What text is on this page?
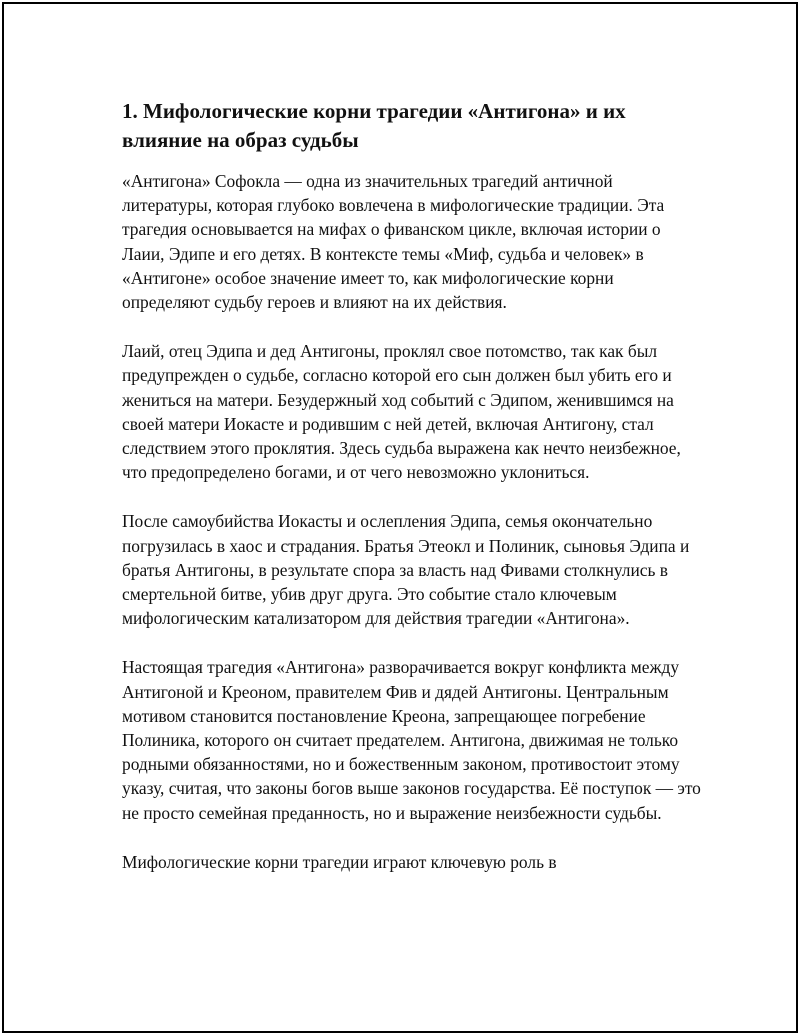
1. Мифологические корни трагедии «Антигона» и их влияние на образ судьбы

«Антигона» Софокла — одна из значительных трагедий античной литературы, которая глубоко вовлечена в мифологические традиции. Эта трагедия основывается на мифах о фиванском цикле, включая истории о Лаии, Эдипе и его детях. В контексте темы «Миф, судьба и человек» в «Антигоне» особое значение имеет то, как мифологические корни определяют судьбу героев и влияют на их действия.

Лаий, отец Эдипа и дед Антигоны, проклял свое потомство, так как был предупрежден о судьбе, согласно которой его сын должен был убить его и жениться на матери. Безудержный ход событий с Эдипом, женившимся на своей матери Иокасте и родившим с ней детей, включая Антигону, стал следствием этого проклятия. Здесь судьба выражена как нечто неизбежное, что предопределено богами, и от чего невозможно уклониться.

После самоубийства Иокасты и ослепления Эдипа, семья окончательно погрузилась в хаос и страдания. Братья Этеокл и Полиник, сыновья Эдипа и братья Антигоны, в результате спора за власть над Фивами столкнулись в смертельной битве, убив друг друга. Это событие стало ключевым мифологическим катализатором для действия трагедии «Антигона».

Настоящая трагедия «Антигона» разворачивается вокруг конфликта между Антигоной и Креоном, правителем Фив и дядей Антигоны. Центральным мотивом становится постановление Креона, запрещающее погребение Полиника, которого он считает предателем. Антигона, движимая не только родными обязанностями, но и божественным законом, противостоит этому указу, считая, что законы богов выше законов государства. Её поступок — это не просто семейная преданность, но и выражение неизбежности судьбы.

Мифологические корни трагедии играют ключевую роль в
